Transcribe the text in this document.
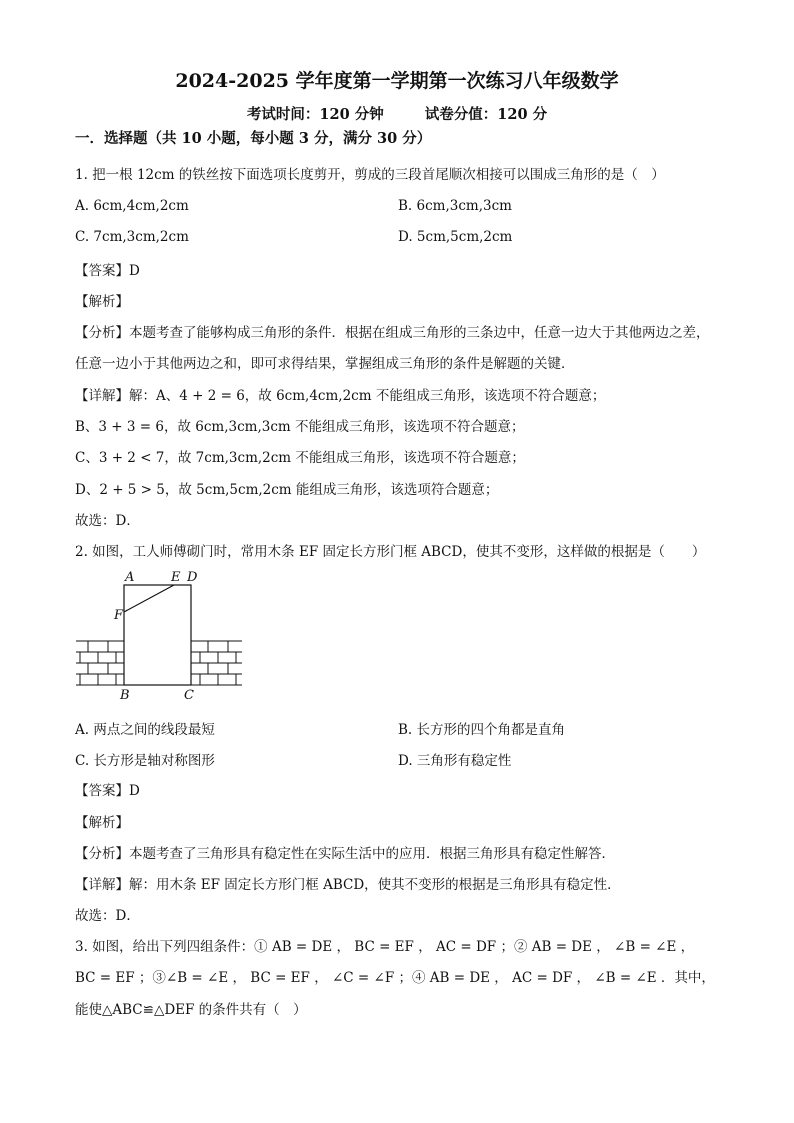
2024-2025 学年度第一学期第一次练习八年级数学
考试时间：120 分钟	试卷分值：120 分
一．选择题（共 10 小题，每小题 3 分，满分 30 分）
1. 把一根 12cm 的铁丝按下面选项长度剪开，剪成的三段首尾顺次相接可以围成三角形的是（　）
A. 6cm,4cm,2cm	B. 6cm,3cm,3cm
C. 7cm,3cm,2cm	D. 5cm,5cm,2cm
【答案】D
【解析】
【分析】本题考查了能够构成三角形的条件．根据在组成三角形的三条边中，任意一边大于其他两边之差，
任意一边小于其他两边之和，即可求得结果，掌握组成三角形的条件是解题的关键．
【详解】解：A、4 + 2 = 6，故 6cm,4cm,2cm 不能组成三角形，该选项不符合题意；
B、3 + 3 = 6，故 6cm,3cm,3cm 不能组成三角形，该选项不符合题意；
C、3 + 2 < 7，故 7cm,3cm,2cm 不能组成三角形，该选项不符合题意；
D、2 + 5 > 5，故 5cm,5cm,2cm 能组成三角形，该选项符合题意；
故选：D．
2. 如图，工人师傅砌门时，常用木条 EF 固定长方形门框 ABCD，使其不变形，这样做的根据是（　　）
A	E D
F
B	C
A. 两点之间的线段最短	B. 长方形的四个角都是直角
C. 长方形是轴对称图形	D. 三角形有稳定性
【答案】D
【解析】
【分析】本题考查了三角形具有稳定性在实际生活中的应用．根据三角形具有稳定性解答．
【详解】解：用木条 EF 固定长方形门框 ABCD，使其不变形的根据是三角形具有稳定性．
故选：D．
3. 如图，给出下列四组条件：① AB = DE ， BC = EF ， AC = DF ；② AB = DE ， ∠B = ∠E ，
BC = EF ；③∠B = ∠E ， BC = EF ， ∠C = ∠F ；④ AB = DE ， AC = DF ， ∠B = ∠E ．其中，
能使△ABC≌△DEF 的条件共有（　）
